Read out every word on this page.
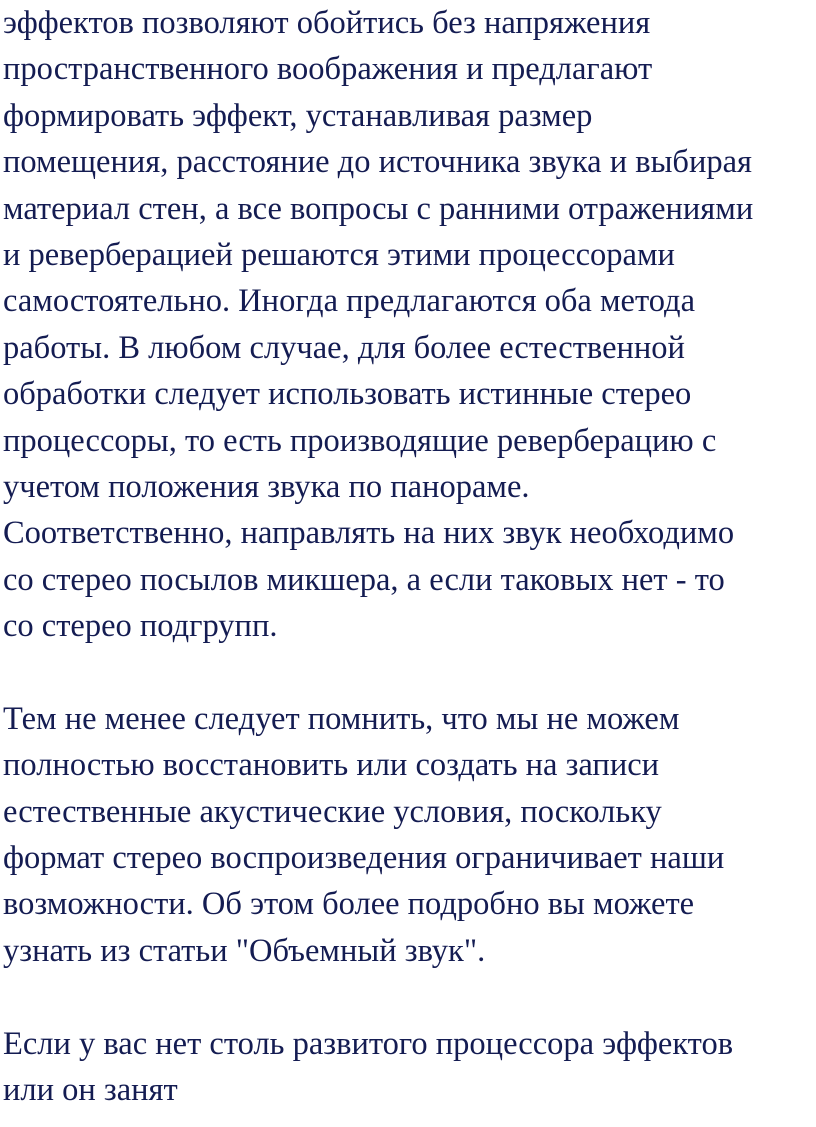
эффектов позволяют обойтись без напряжения
пространственного воображения и предлагают
формировать эффект, устанавливая размер
помещения, расстояние до источника звука и выбирая
материал стен, а все вопросы с ранними отражениями
и реверберацией решаются этими процессорами
самостоятельно. Иногда предлагаются оба метода
работы. В любом случае, для более естественной
обработки следует использовать истинные стерео
процессоры, то есть производящие реверберацию с
учетом положения звука по панораме.
Соответственно, направлять на них звук необходимо
со стерео посылов микшера, а если таковых нет - то
со стерео подгрупп.
Тем не менее следует помнить, что мы не можем
полностью восстановить или создать на записи
естественные акустические условия, поскольку
формат стерео воспроизведения ограничивает наши
возможности. Об этом более подробно вы можете
узнать из статьи "Объемный звук".
Если у вас нет столь развитого процессора эффектов
или он занят
